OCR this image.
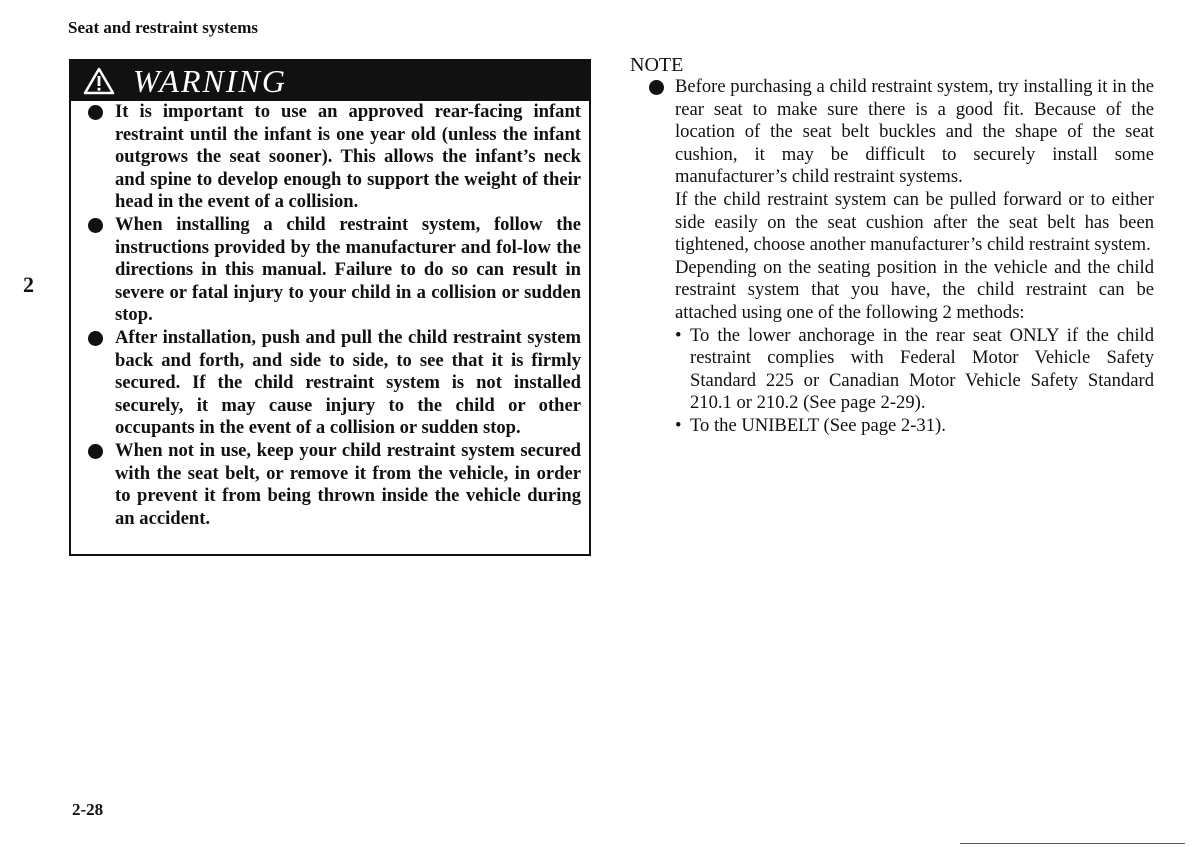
Seat and restraint systems
2
WARNING
It is important to use an approved rear-facing infant restraint until the infant is one year old (unless the infant outgrows the seat sooner). This allows the infant’s neck and spine to develop enough to support the weight of their head in the event of a collision.
When installing a child restraint system, follow the instructions provided by the manufacturer and fol-low the directions in this manual. Failure to do so can result in severe or fatal injury to your child in a collision or sudden stop.
After installation, push and pull the child restraint system back and forth, and side to side, to see that it is firmly secured. If the child restraint system is not installed securely, it may cause injury to the child or other occupants in the event of a collision or sudden stop.
When not in use, keep your child restraint system secured with the seat belt, or remove it from the vehicle, in order to prevent it from being thrown inside the vehicle during an accident.
NOTE
Before purchasing a child restraint system, try installing it in the rear seat to make sure there is a good fit. Because of the location of the seat belt buckles and the shape of the seat cushion, it may be difficult to securely install some manufacturer’s child restraint systems.
If the child restraint system can be pulled forward or to either side easily on the seat cushion after the seat belt has been tightened, choose another manufacturer’s child restraint system.
Depending on the seating position in the vehicle and the child restraint system that you have, the child restraint can be attached using one of the following 2 methods:
• To the lower anchorage in the rear seat ONLY if the child restraint complies with Federal Motor Vehicle Safety Standard 225 or Canadian Motor Vehicle Safety Standard 210.1 or 210.2 (See page 2-29).
• To the UNIBELT (See page 2-31).
2-28
